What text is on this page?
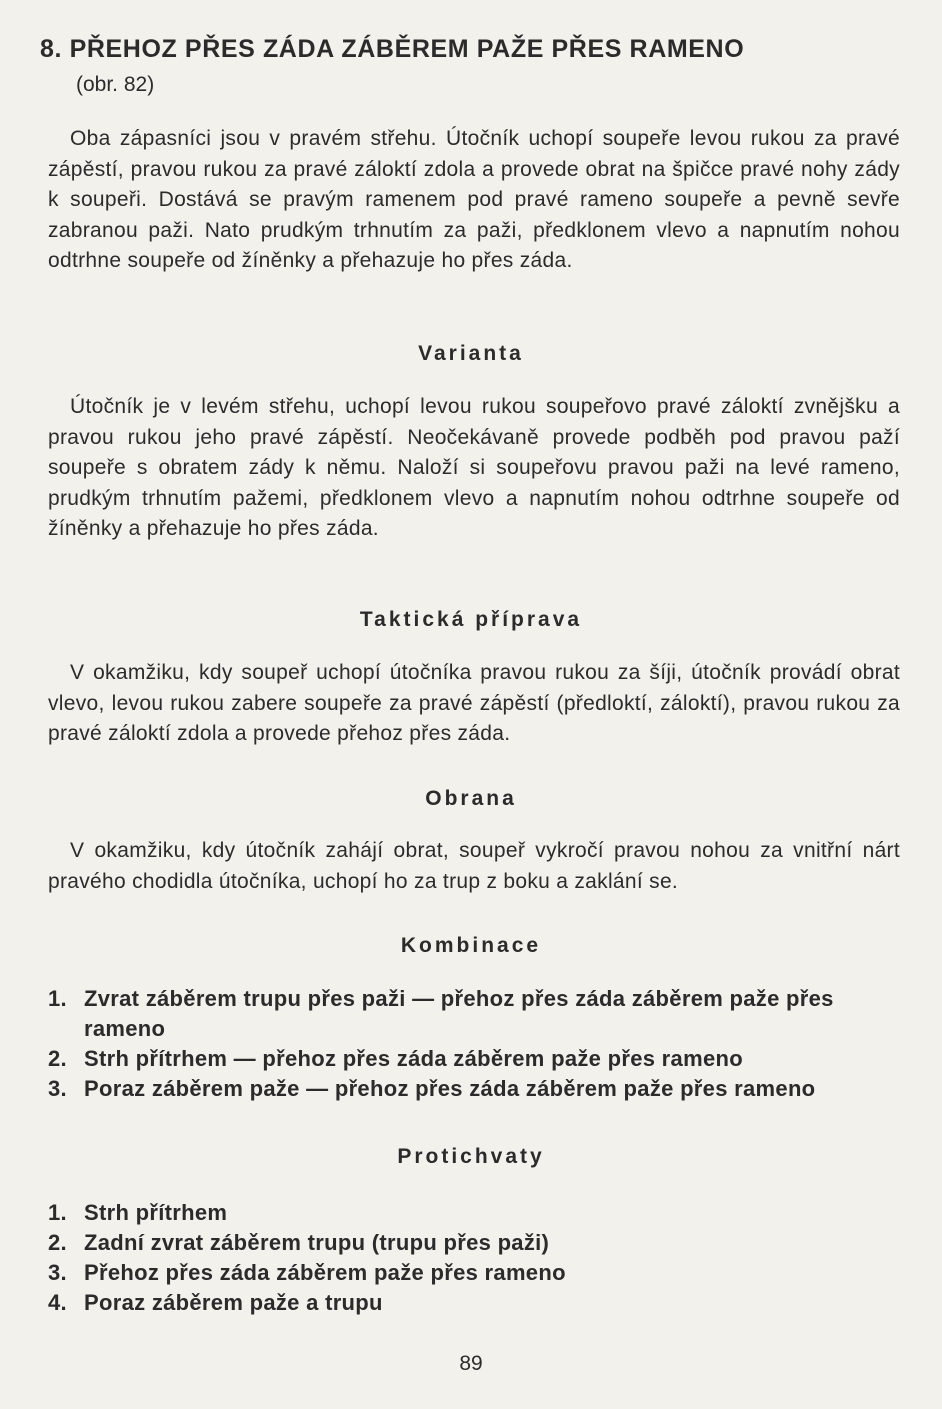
8. PŘEHOZ PŘES ZÁDA ZÁBĚREM PAŽE PŘES RAMENO
(obr. 82)

Oba zápasníci jsou v pravém střehu. Útočník uchopí soupeře levou rukou za pravé zápěstí, pravou rukou za pravé záloktí zdola a provede obrat na špičce pravé nohy zády k soupeři. Dostává se pravým ramenem pod pravé rameno soupeře a pevně sevře zabranou paži. Nato prudkým trhnutím za paži, předklonem vlevo a napnutím nohou odtrhne soupeře od žíněnky a přehazuje ho přes záda.

Varianta

Útočník je v levém střehu, uchopí levou rukou soupeřovo pravé záloktí zvnějšku a pravou rukou jeho pravé zápěstí. Neočekávaně provede podběh pod pravou paží soupeře s obratem zády k němu. Naloží si soupeřovu pravou paži na levé rameno, prudkým trhnutím pažemi, předklonem vlevo a napnutím nohou odtrhne soupeře od žíněnky a přehazuje ho přes záda.

Taktická příprava

V okamžiku, kdy soupeř uchopí útočníka pravou rukou za šíji, útočník provádí obrat vlevo, levou rukou zabere soupeře za pravé zápěstí (předloktí, záloktí), pravou rukou za pravé záloktí zdola a provede přehoz přes záda.

Obrana

V okamžiku, kdy útočník zahájí obrat, soupeř vykročí pravou nohou za vnitřní nárt pravého chodidla útočníka, uchopí ho za trup z boku a zaklání se.

Kombinace
1. Zvrat záběrem trupu přes paži — přehoz přes záda záběrem paže přes rameno
2. Strh přítrhem — přehoz přes záda záběrem paže přes rameno
3. Poraz záběrem paže — přehoz přes záda záběrem paže přes rameno
Protichvaty
1. Strh přítrhem
2. Zadní zvrat záběrem trupu (trupu přes paži)
3. Přehoz přes záda záběrem paže přes rameno
4. Poraz záběrem paže a trupu
89
